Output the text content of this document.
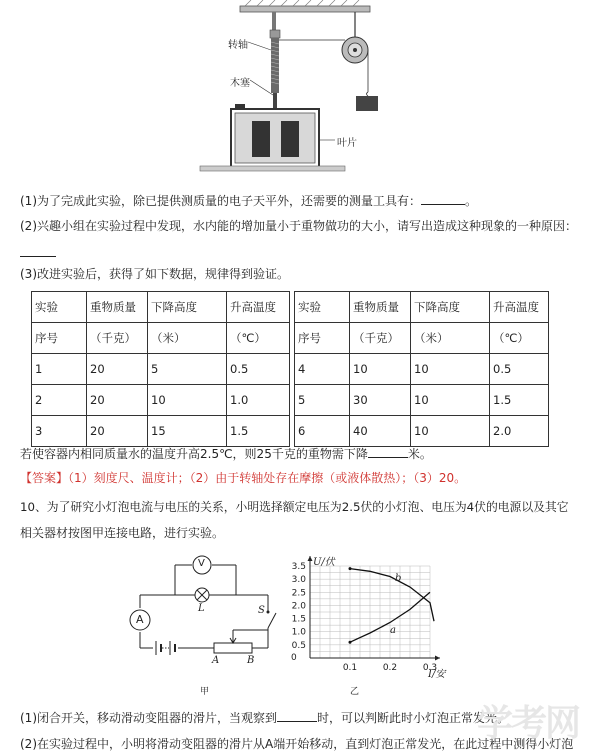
转轴
木塞
叶片
(1)为了完成此实验，除已提供测质量的电子天平外，还需要的测量工具有：	。
(2)兴趣小组在实验过程中发现，水内能的增加量小于重物做功的大小，请写出造成这种现象的一种原因：
(3)改进实验后，获得了如下数据，规律得到验证。
实验	重物质量	下降高度	升高温度		实验	重物质量	下降高度	升高温度
序号	（千克）	（米）	（℃）		序号	（千克）	（米）	（℃）
1	20	5	0.5		4	10	10	0.5
2	20	10	1.0		5	30	10	1.5
3	20	15	1.5		6	40	10	2.0
若使容器内相同质量水的温度升高2.5℃，则25千克的重物需下降	米。
【答案】（1）刻度尺、温度计；（2）由于转轴处存在摩擦（或液体散热）；（3）20。
10、为了研究小灯泡电流与电压的关系，小明选择额定电压为2.5伏的小灯泡、电压为4伏的电源以及其它
相关器材按图甲连接电路，进行实验。
V
A
L	S
A	B
甲
0.5
1.0
1.5
2.0
2.5
3.0
3.5
0.1	0.2	0.3
U/伏
I/安
0
乙
a
b
(1)闭合开关，移动滑动变阻器的滑片，当观察到	时，可以判断此时小灯泡正常发光。
(2)在实验过程中，小明将滑动变阻器的滑片从A端开始移动，直到灯泡正常发光，在此过程中测得小灯泡
学考网
